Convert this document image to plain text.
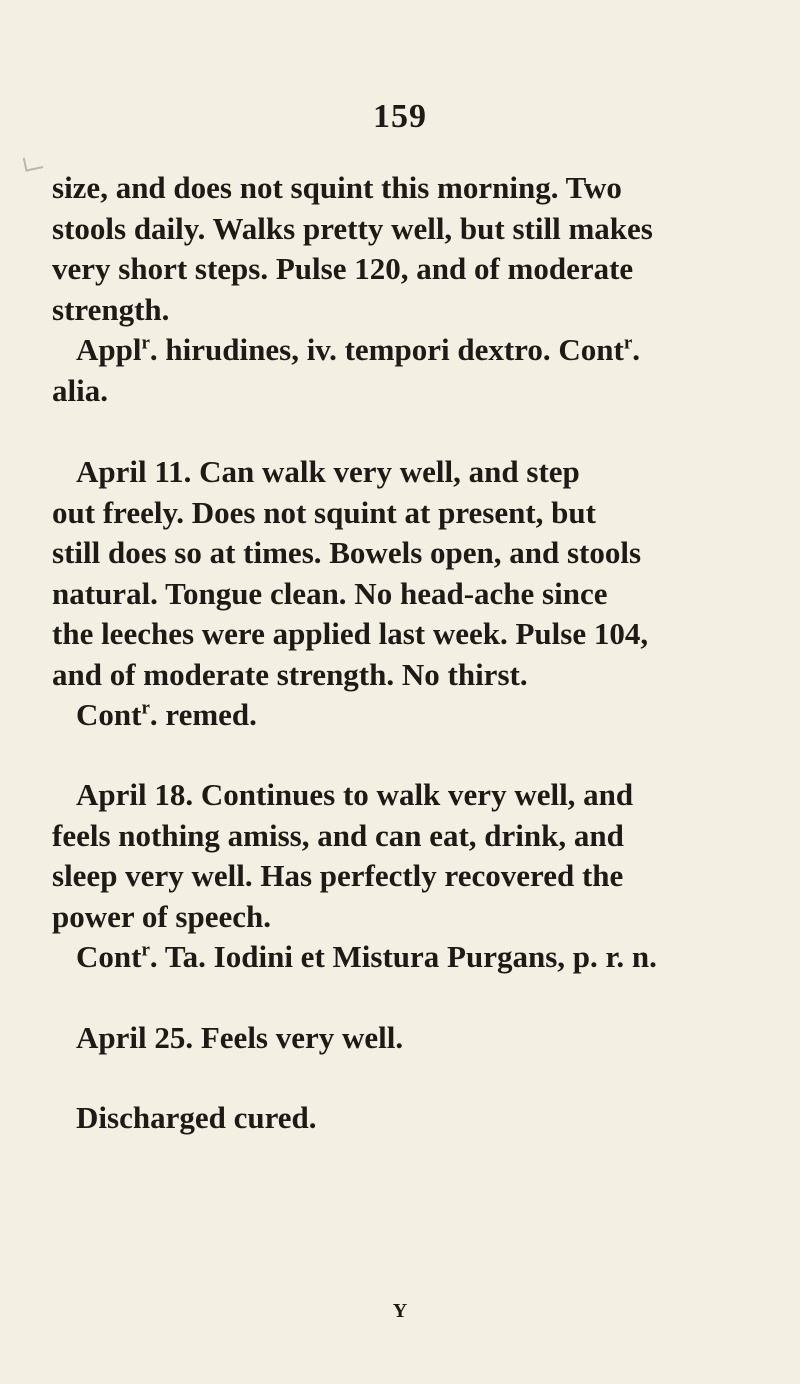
159
size, and does not squint this morning. Two
stools daily. Walks pretty well, but still makes
very short steps. Pulse 120, and of moderate
strength.
Appl$^r$. hirudines, iv. tempori dextro. Cont$^r$.
alia.
April 11. Can walk very well, and step
out freely. Does not squint at present, but
still does so at times. Bowels open, and stools
natural. Tongue clean. No head-ache since
the leeches were applied last week. Pulse 104,
and of moderate strength. No thirst.
Cont$^r$. remed.
April 18. Continues to walk very well, and
feels nothing amiss, and can eat, drink, and
sleep very well. Has perfectly recovered the
power of speech.
Cont$^r$. Ta. Iodini et Mistura Purgans, p. r. n.
April 25. Feels very well.
Discharged cured.
Y
